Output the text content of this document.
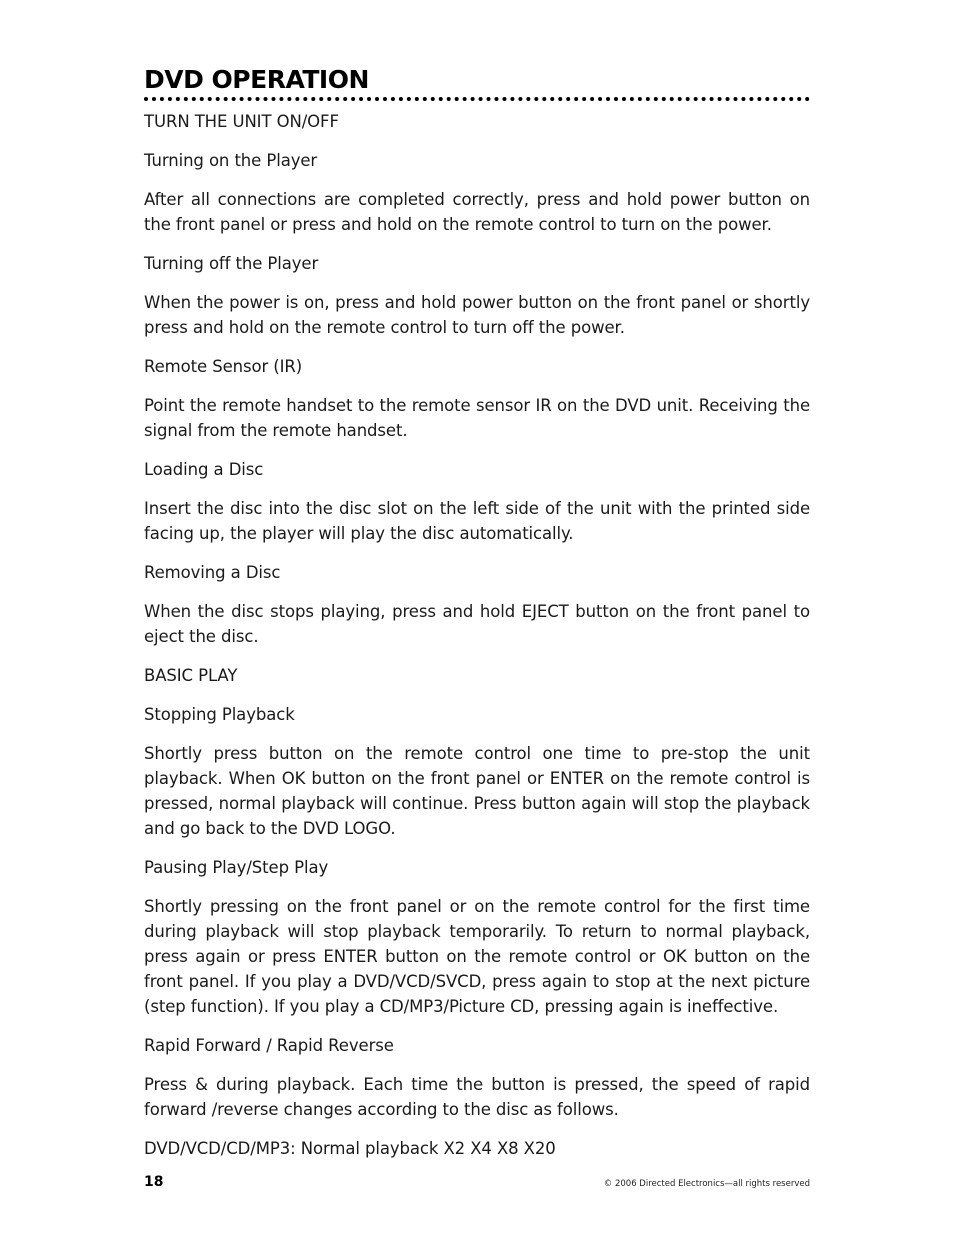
DVD OPERATION

TURN THE UNIT ON/OFF

Turning on the Player

After all connections are completed correctly, press and hold power button on the front panel or press and hold on the remote control to turn on the power.

Turning off the Player

When the power is on, press and hold power button on the front panel or shortly press and hold on the remote control to turn off the power.

Remote Sensor (IR)

Point the remote handset to the remote sensor IR on the DVD unit. Receiving the signal from the remote handset.

Loading a Disc

Insert the disc into the disc slot on the left side of the unit with the printed side facing up, the player will play the disc automatically.

Removing a Disc

When the disc stops playing, press and hold EJECT button on the front panel to eject the disc.

BASIC PLAY

Stopping Playback

Shortly press button on the remote control one time to pre-stop the unit playback. When OK button on the front panel or ENTER on the remote control is pressed, normal playback will continue. Press button again will stop the playback and go back to the DVD LOGO.

Pausing Play/Step Play

Shortly pressing on the front panel or on the remote control for the first time during playback will stop playback temporarily. To return to normal playback, press again or press ENTER button on the remote control or OK button on the front panel. If you play a DVD/VCD/SVCD, press again to stop at the next picture (step function). If you play a CD/MP3/Picture CD, pressing again is ineffective.

Rapid Forward / Rapid Reverse

Press & during playback. Each time the button is pressed, the speed of rapid forward /reverse changes according to the disc as follows.

DVD/VCD/CD/MP3: Normal playback X2 X4 X8 X20

18	© 2006 Directed Electronics—all rights reserved
